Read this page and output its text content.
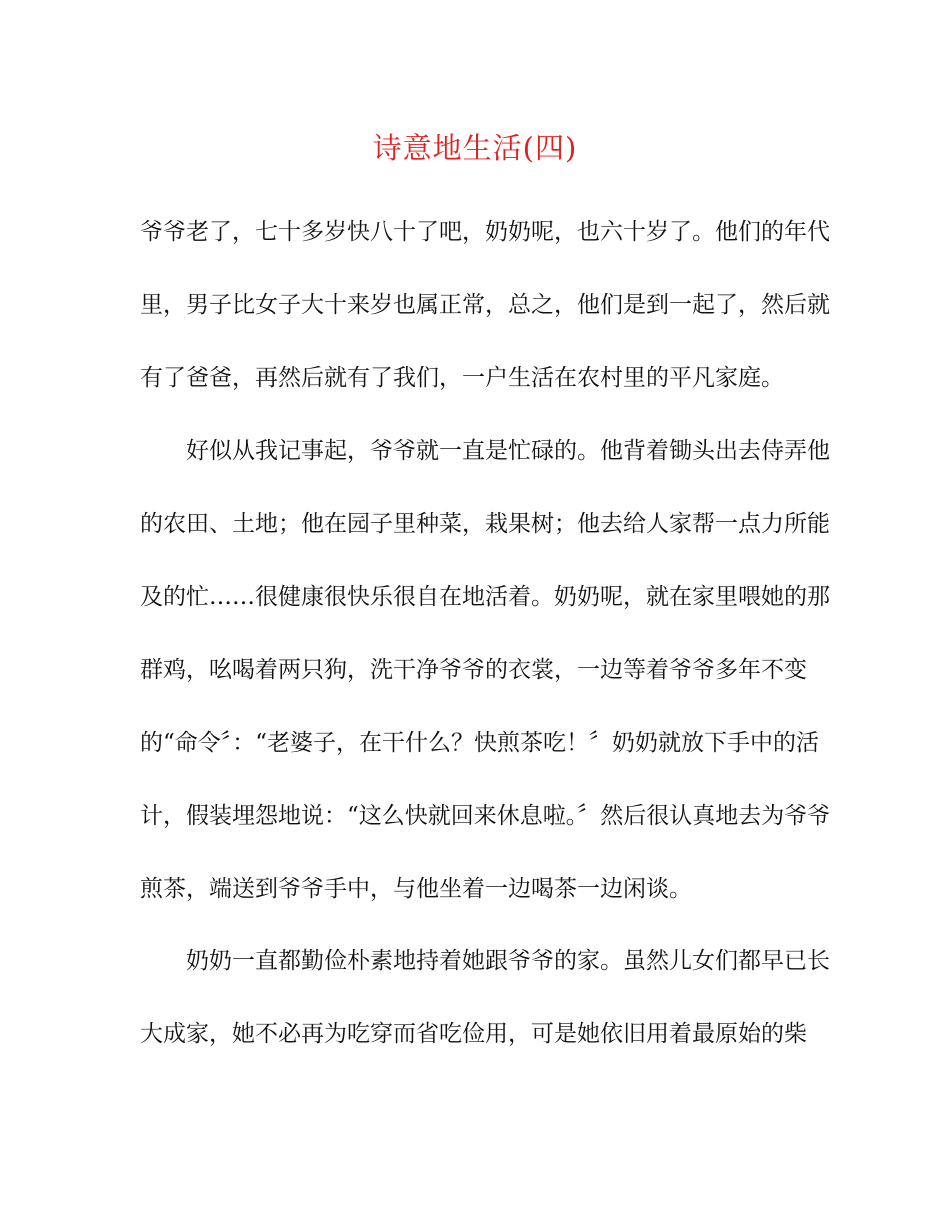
诗意地生活(四)
爷爷老了，七十多岁快八十了吧，奶奶呢，也六十岁了。他们的年代
里，男子比女子大十来岁也属正常，总之，他们是到一起了，然后就
有了爸爸，再然后就有了我们，一户生活在农村里的平凡家庭。
好似从我记事起，爷爷就一直是忙碌的。他背着锄头出去侍弄他
的农田、土地；他在园子里种菜，栽果树；他去给人家帮一点力所能
及的忙……很健康很快乐很自在地活着。奶奶呢，就在家里喂她的那
群鸡，吆喝着两只狗，洗干净爷爷的衣裳，一边等着爷爷多年不变
的“命令〞：“老婆子，在干什么？快煎茶吃！〞奶奶就放下手中的活
计，假装埋怨地说：“这么快就回来休息啦。〞然后很认真地去为爷爷
煎茶，端送到爷爷手中，与他坐着一边喝茶一边闲谈。
奶奶一直都勤俭朴素地持着她跟爷爷的家。虽然儿女们都早已长
大成家，她不必再为吃穿而省吃俭用，可是她依旧用着最原始的柴
